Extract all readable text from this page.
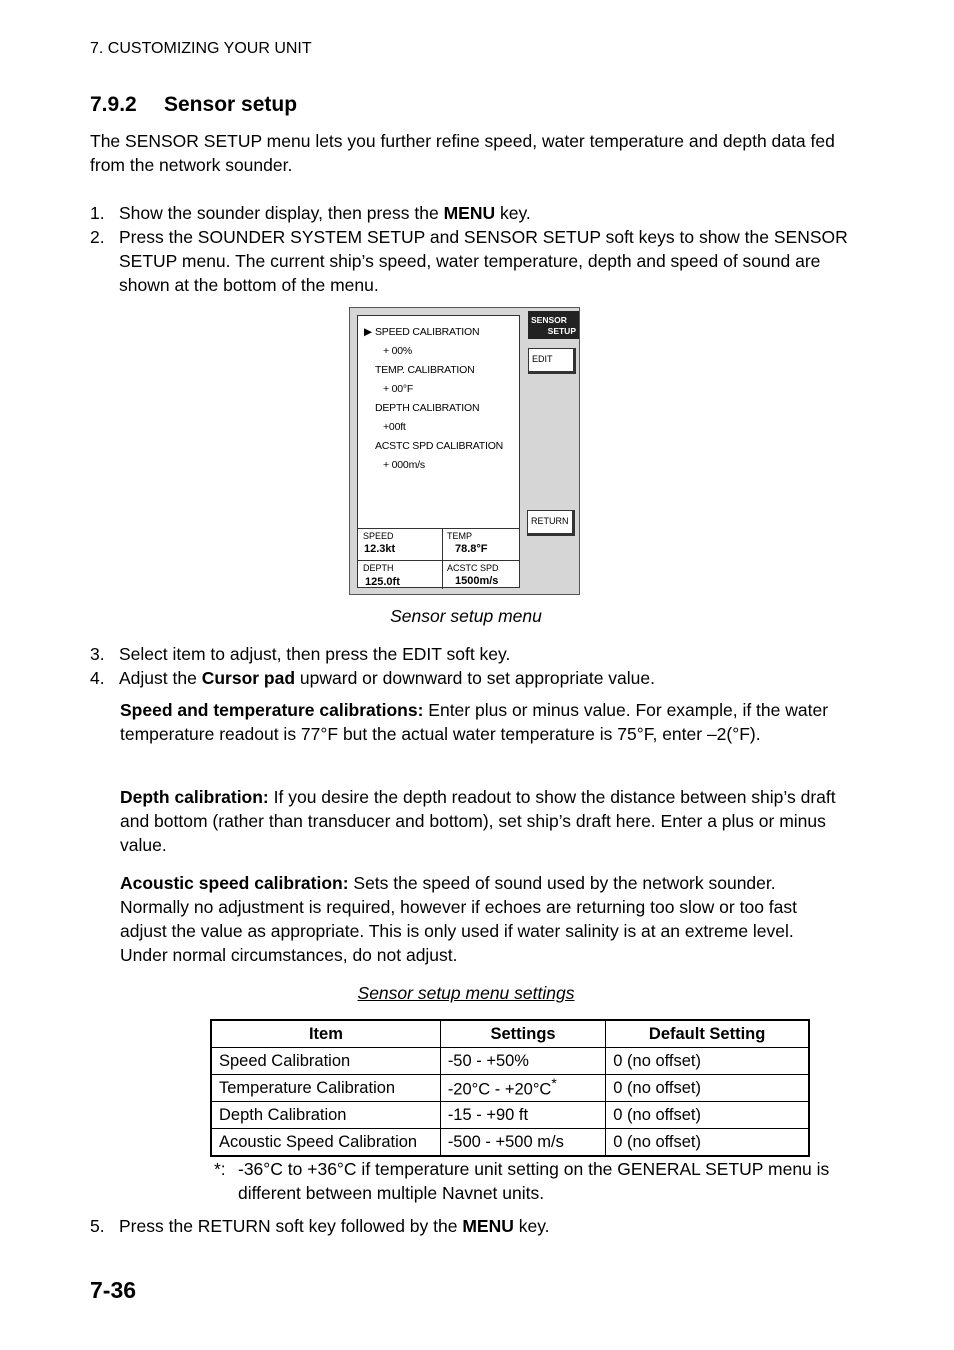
7. CUSTOMIZING YOUR UNIT
7.9.2 Sensor setup
The SENSOR SETUP menu lets you further refine speed, water temperature and depth data fed from the network sounder.
1. Show the sounder display, then press the MENU key.
2. Press the SOUNDER SYSTEM SETUP and SENSOR SETUP soft keys to show the SENSOR SETUP menu. The current ship’s speed, water temperature, depth and speed of sound are shown at the bottom of the menu.
▶ SPEED CALIBRATION
+ 00%
TEMP. CALIBRATION
+ 00°F
DEPTH CALIBRATION
+00ft
ACSTC SPD CALIBRATION
+ 000m/s
SPEED
12.3kt
TEMP
78.8°F
DEPTH
125.0ft
ACSTC SPD
1500m/s
SENSOR
SETUP
EDIT
RETURN
Sensor setup menu
3. Select item to adjust, then press the EDIT soft key.
4. Adjust the Cursor pad upward or downward to set appropriate value.
Speed and temperature calibrations: Enter plus or minus value. For example, if the water temperature readout is 77°F but the actual water temperature is 75°F, enter –2(°F).
Depth calibration: If you desire the depth readout to show the distance between ship’s draft and bottom (rather than transducer and bottom), set ship’s draft here. Enter a plus or minus value.
Acoustic speed calibration: Sets the speed of sound used by the network sounder. Normally no adjustment is required, however if echoes are returning too slow or too fast adjust the value as appropriate. This is only used if water salinity is at an extreme level. Under normal circumstances, do not adjust.
Sensor setup menu settings
Item	Settings	Default Setting
Speed Calibration	-50 - +50%	0 (no offset)
Temperature Calibration	-20°C - +20°C*	0 (no offset)
Depth Calibration	-15 - +90 ft	0 (no offset)
Acoustic Speed Calibration	-500 - +500 m/s	0 (no offset)
*: -36°C to +36°C if temperature unit setting on the GENERAL SETUP menu is different between multiple Navnet units.
5. Press the RETURN soft key followed by the MENU key.
7-36
